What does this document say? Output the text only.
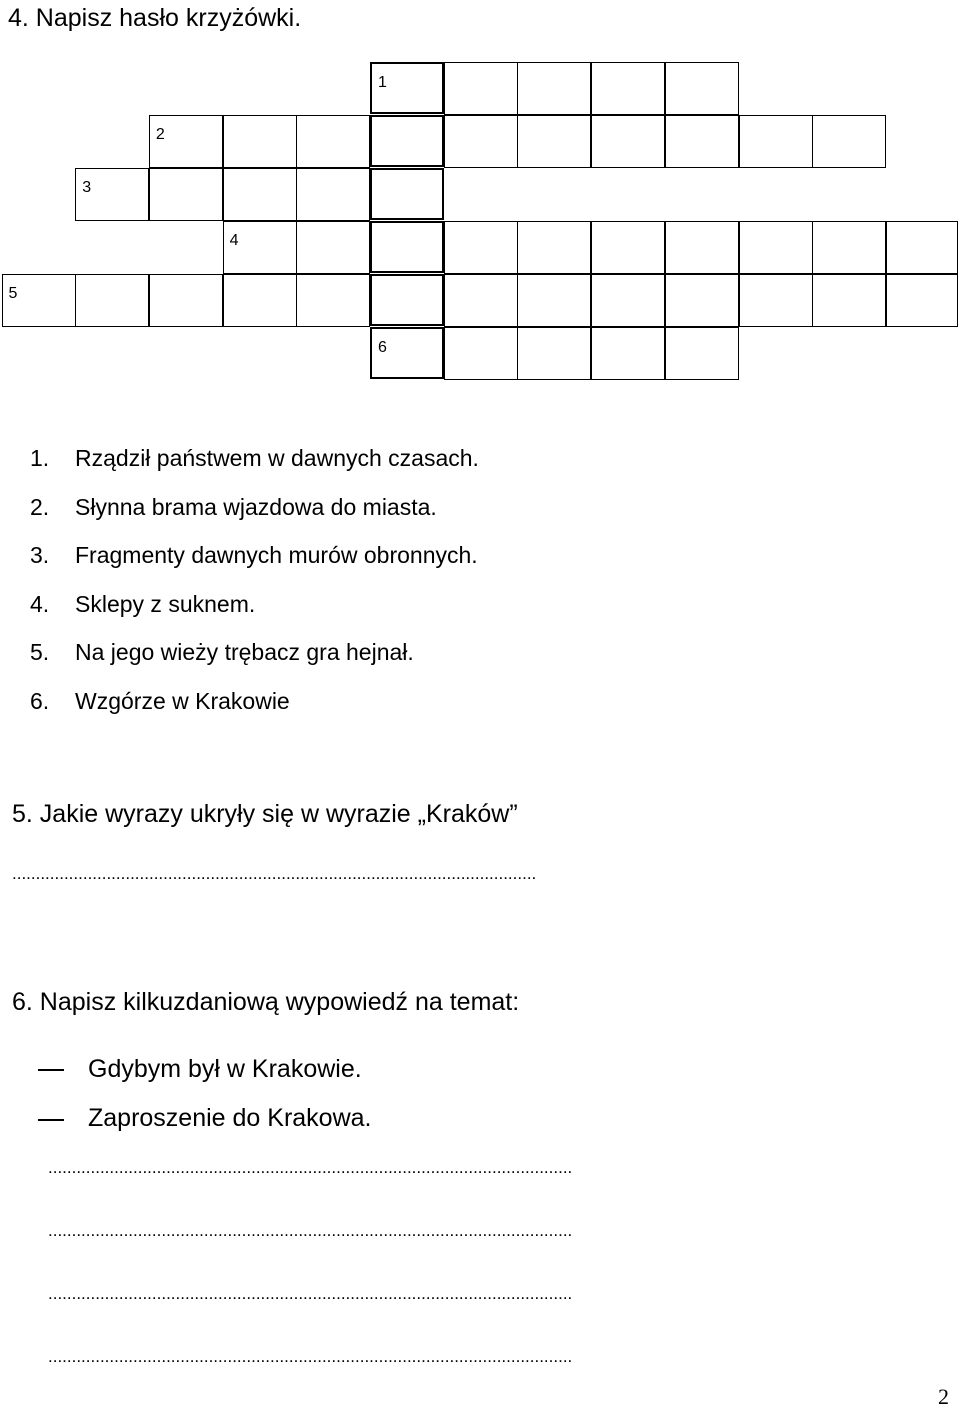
4. Napisz hasło krzyżówki.
1
2
3
4
5
6
1. Rządził państwem w dawnych czasach.
2. Słynna brama wjazdowa do miasta.
3. Fragmenty dawnych murów obronnych.
4. Sklepy z suknem.
5. Na jego wieży trębacz gra hejnał.
6. Wzgórze w Krakowie
5. Jakie wyrazy ukryły się w wyrazie „Kraków”
...............................................................................................................
6. Napisz kilkuzdaniową wypowiedź na temat:
Gdybym był w Krakowie.
Zaproszenie do Krakowa.
...............................................................................................................
...............................................................................................................
...............................................................................................................
...............................................................................................................
2
